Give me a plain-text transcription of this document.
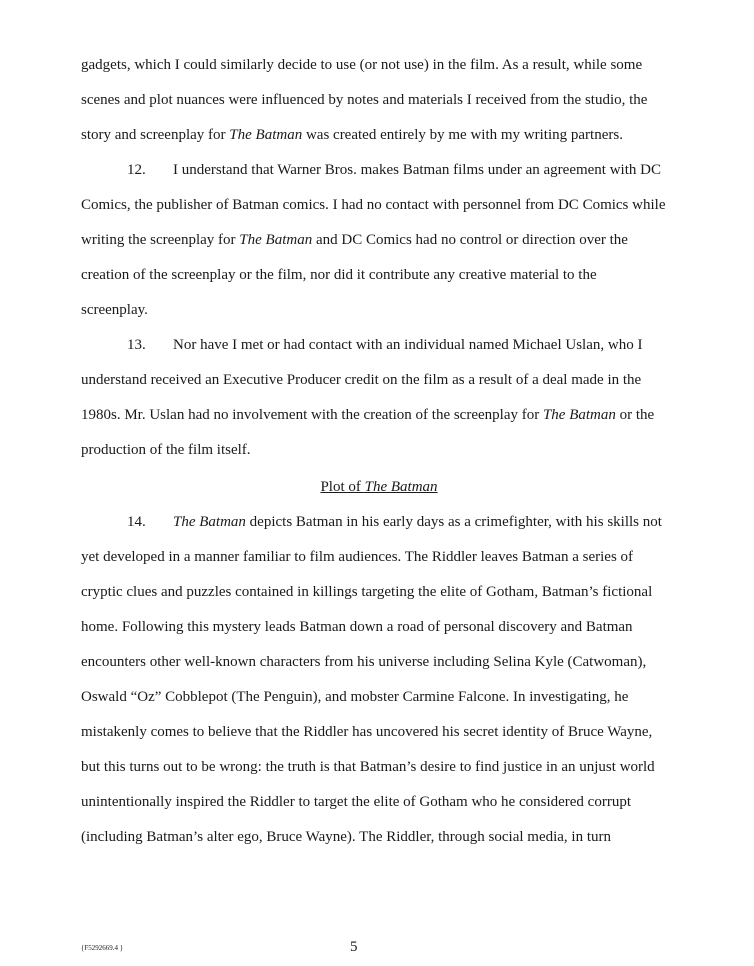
gadgets, which I could similarly decide to use (or not use) in the film. As a result, while some
scenes and plot nuances were influenced by notes and materials I received from the studio, the
story and screenplay for The Batman was created entirely by me with my writing partners.
12. I understand that Warner Bros. makes Batman films under an agreement with DC
Comics, the publisher of Batman comics. I had no contact with personnel from DC Comics while
writing the screenplay for The Batman and DC Comics had no control or direction over the
creation of the screenplay or the film, nor did it contribute any creative material to the
screenplay.
13. Nor have I met or had contact with an individual named Michael Uslan, who I
understand received an Executive Producer credit on the film as a result of a deal made in the
1980s. Mr. Uslan had no involvement with the creation of the screenplay for The Batman or the
production of the film itself.
Plot of The Batman
14. The Batman depicts Batman in his early days as a crimefighter, with his skills not
yet developed in a manner familiar to film audiences. The Riddler leaves Batman a series of
cryptic clues and puzzles contained in killings targeting the elite of Gotham, Batman’s fictional
home. Following this mystery leads Batman down a road of personal discovery and Batman
encounters other well-known characters from his universe including Selina Kyle (Catwoman),
Oswald “Oz” Cobblepot (The Penguin), and mobster Carmine Falcone. In investigating, he
mistakenly comes to believe that the Riddler has uncovered his secret identity of Bruce Wayne,
but this turns out to be wrong: the truth is that Batman’s desire to find justice in an unjust world
unintentionally inspired the Riddler to target the elite of Gotham who he considered corrupt
(including Batman’s alter ego, Bruce Wayne). The Riddler, through social media, in turn
{F5292669.4 }	5
